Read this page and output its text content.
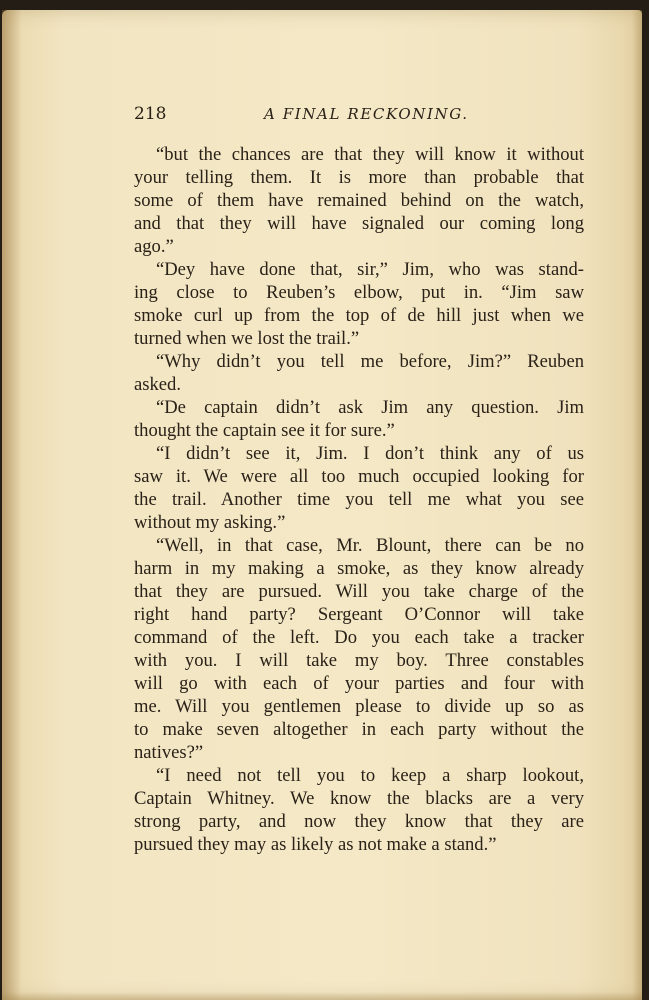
218	A FINAL RECKONING.
“but the chances are that they will know it without
your telling them. It is more than probable that
some of them have remained behind on the watch,
and that they will have signaled our coming long
ago.”
“Dey have done that, sir,” Jim, who was stand-
ing close to Reuben’s elbow, put in. “Jim saw
smoke curl up from the top of de hill just when we
turned when we lost the trail.”
“Why didn’t you tell me before, Jim?” Reuben
asked.
“De captain didn’t ask Jim any question. Jim
thought the captain see it for sure.”
“I didn’t see it, Jim. I don’t think any of us
saw it. We were all too much occupied looking for
the trail. Another time you tell me what you see
without my asking.”
“Well, in that case, Mr. Blount, there can be no
harm in my making a smoke, as they know already
that they are pursued. Will you take charge of the
right hand party? Sergeant O’Connor will take
command of the left. Do you each take a tracker
with you. I will take my boy. Three constables
will go with each of your parties and four with
me. Will you gentlemen please to divide up so as
to make seven altogether in each party without the
natives?”
“I need not tell you to keep a sharp lookout,
Captain Whitney. We know the blacks are a very
strong party, and now they know that they are
pursued they may as likely as not make a stand.”
